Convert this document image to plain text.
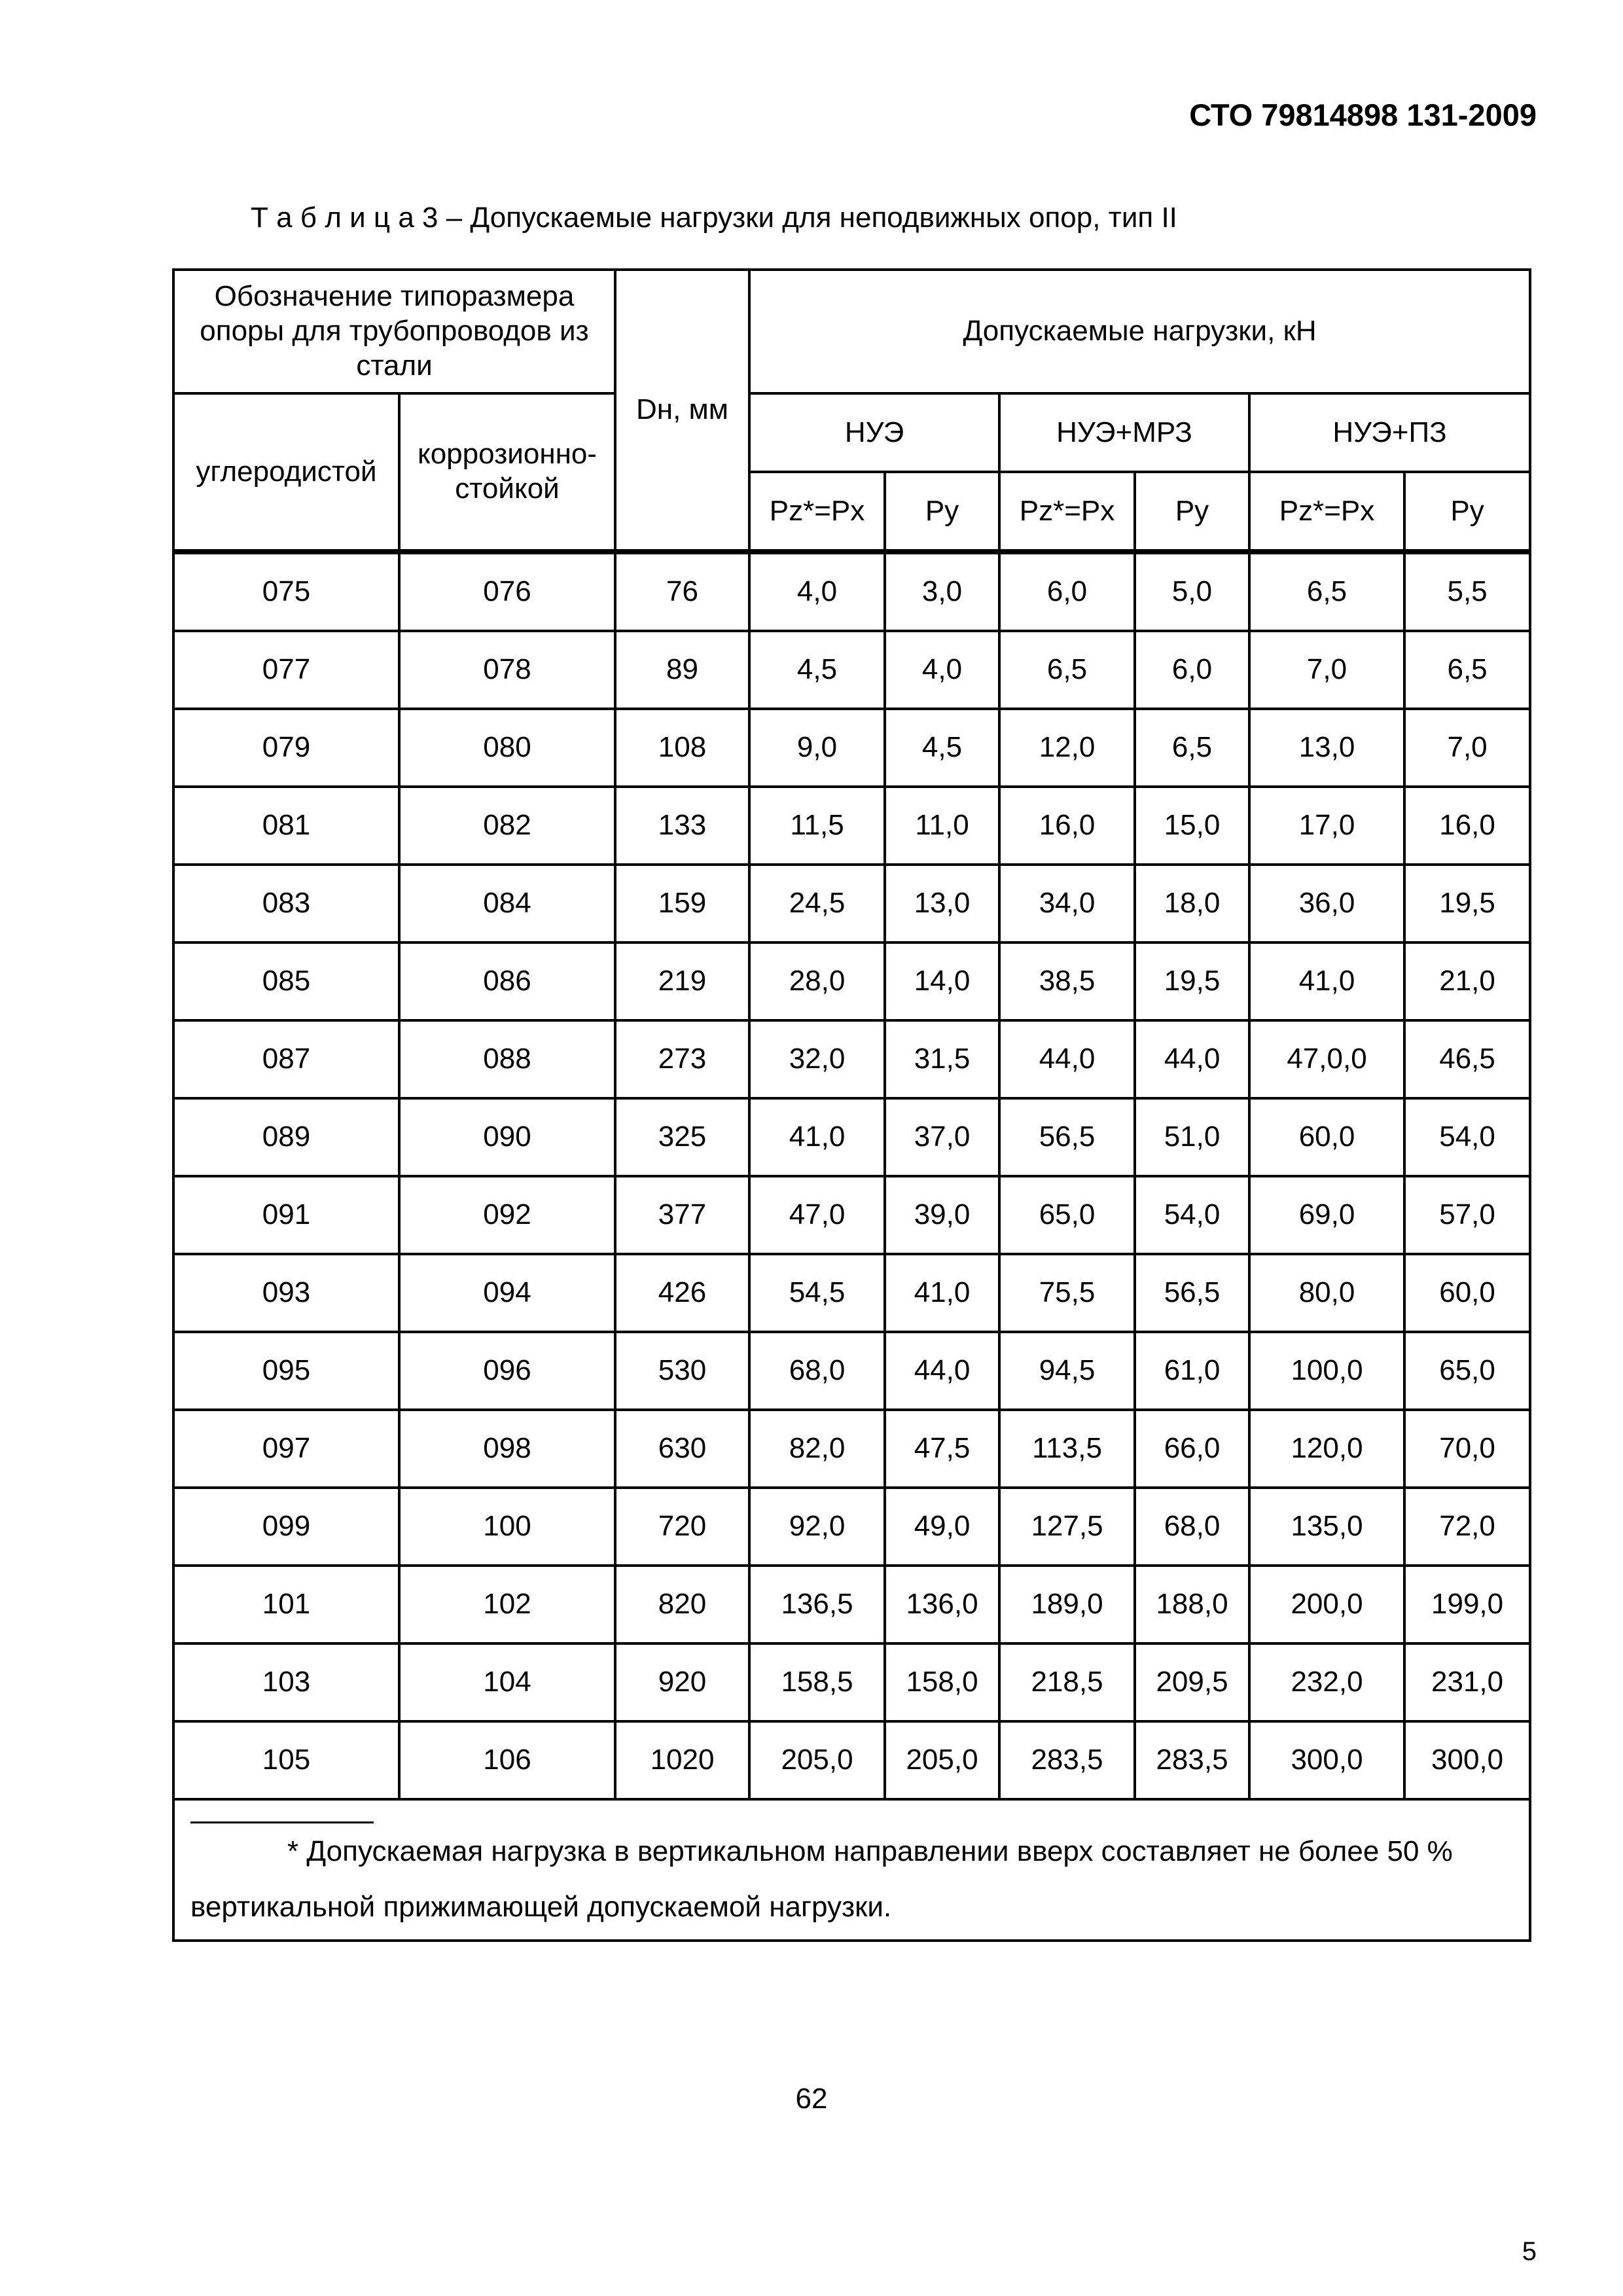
СТО 79814898 131-2009
Т а б л и ц а 3 – Допускаемые нагрузки для неподвижных опор, тип II
Обозначение типоразмера опоры для трубопроводов из стали		Dн, мм	Допускаемые нагрузки, кН					
углеродистой	коррозионно-стойкой		НУЭ		НУЭ+МРЗ		НУЭ+ПЗ	
			Pz*=Px	Py	Pz*=Px	Py	Pz*=Px	Py
075	076	76	4,0	3,0	6,0	5,0	6,5	5,5
077	078	89	4,5	4,0	6,5	6,0	7,0	6,5
079	080	108	9,0	4,5	12,0	6,5	13,0	7,0
081	082	133	11,5	11,0	16,0	15,0	17,0	16,0
083	084	159	24,5	13,0	34,0	18,0	36,0	19,5
085	086	219	28,0	14,0	38,5	19,5	41,0	21,0
087	088	273	32,0	31,5	44,0	44,0	47,0,0	46,5
089	090	325	41,0	37,0	56,5	51,0	60,0	54,0
091	092	377	47,0	39,0	65,0	54,0	69,0	57,0
093	094	426	54,5	41,0	75,5	56,5	80,0	60,0
095	096	530	68,0	44,0	94,5	61,0	100,0	65,0
097	098	630	82,0	47,5	113,5	66,0	120,0	70,0
099	100	720	92,0	49,0	127,5	68,0	135,0	72,0
101	102	820	136,5	136,0	189,0	188,0	200,0	199,0
103	104	920	158,5	158,0	218,5	209,5	232,0	231,0
105	106	1020	205,0	205,0	283,5	283,5	300,0	300,0

* Допускаемая нагрузка в вертикальном направлении вверх составляет не более 50 %
вертикальной прижимающей допускаемой нагрузки.								
62
5
